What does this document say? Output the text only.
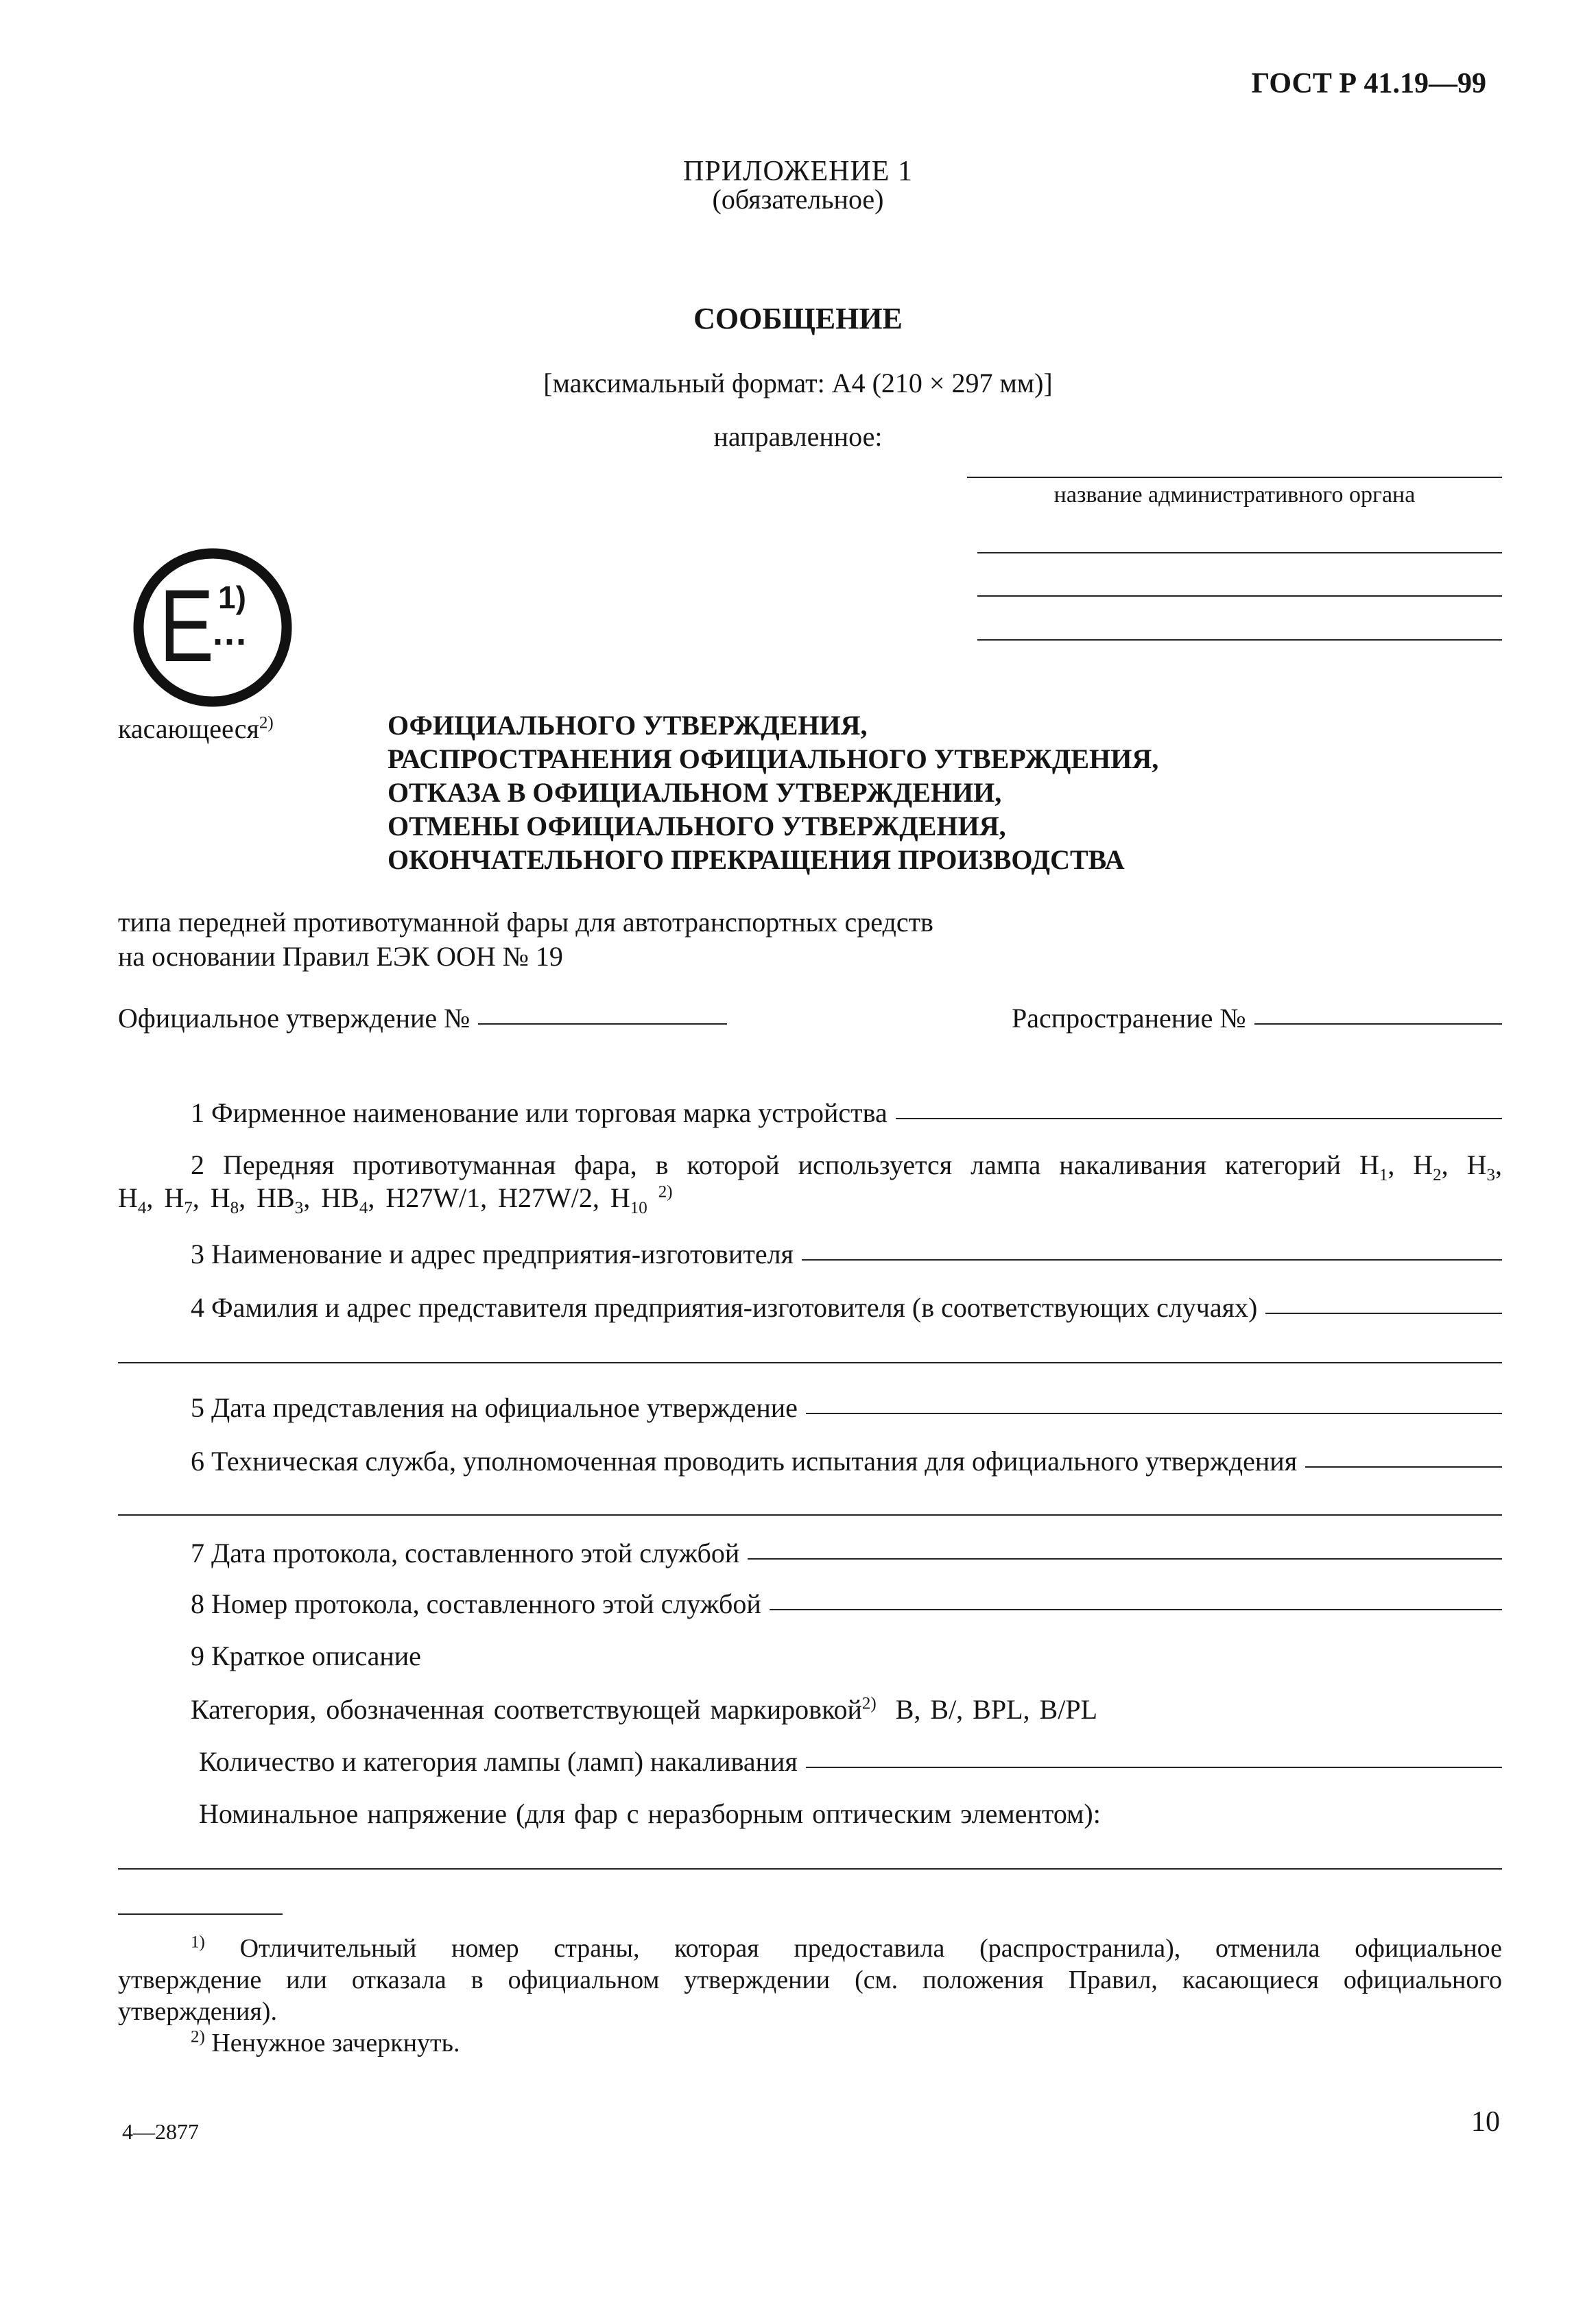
ГОСТ Р 41.19—99
ПРИЛОЖЕНИЕ 1
(обязательное)
СООБЩЕНИЕ
[максимальный формат: А4 (210 × 297 мм)]
направленное:
название административного органа
E 1)
...
касающееся$^{2)}$	ОФИЦИАЛЬНОГО УТВЕРЖДЕНИЯ,
РАСПРОСТРАНЕНИЯ ОФИЦИАЛЬНОГО УТВЕРЖДЕНИЯ,
ОТКАЗА В ОФИЦИАЛЬНОМ УТВЕРЖДЕНИИ,
ОТМЕНЫ ОФИЦИАЛЬНОГО УТВЕРЖДЕНИЯ,
ОКОНЧАТЕЛЬНОГО ПРЕКРАЩЕНИЯ ПРОИЗВОДСТВА
типа передней противотуманной фары для автотранспортных средств
на основании Правил ЕЭК ООН № 19
Официальное утверждение №	Распространение №
1 Фирменное наименование или торговая марка устройства
2 Передняя противотуманная фара, в которой используется лампа накаливания категорий $H_1$, $H_2$, $H_3$,
$H_4$, $H_7$, $H_8$, $HB_3$, $HB_4$, H27W/1, H27W/2, $H_{10}$ $^{2)}$
3 Наименование и адрес предприятия-изготовителя
4 Фамилия и адрес представителя предприятия-изготовителя (в соответствующих случаях)
5 Дата представления на официальное утверждение
6 Техническая служба, уполномоченная проводить испытания для официального утверждения
7 Дата протокола, составленного этой службой
8 Номер протокола, составленного этой службой
9 Краткое описание
Категория, обозначенная соответствующей маркировкой$^{2)}$ B, B/, BPL, B/PL
Количество и категория лампы (ламп) накаливания
Номинальное напряжение (для фар с неразборным оптическим элементом):
$^{1)}$ Отличительный номер страны, которая предоставила (распространила), отменила официальное
утверждение или отказала в официальном утверждении (см. положения Правил, касающиеся официального
утверждения).
$^{2)}$ Ненужное зачеркнуть.
4—2877	10
